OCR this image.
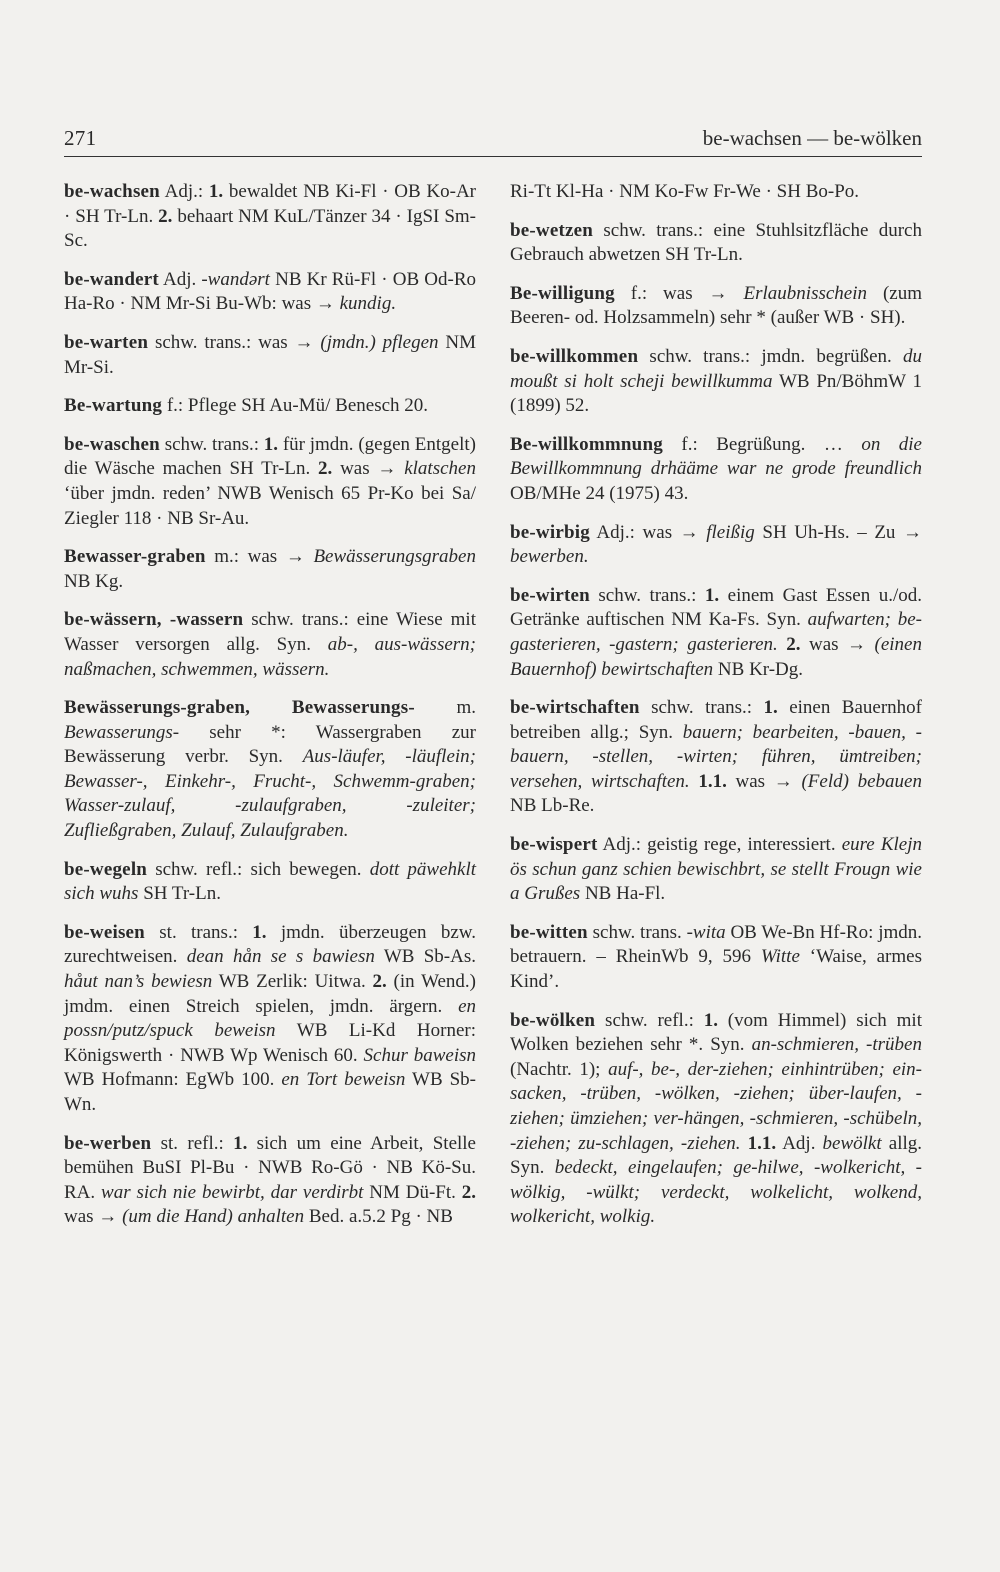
271	be-wachsen — be-wölken

be-wachsen Adj.: 1. bewaldet NB Ki-Fl · OB Ko-Ar · SH Tr-Ln. 2. behaart NM KuL/Tänzer 34 · IgSI Sm-Sc.

be-wandert Adj. -wandərt NB Kr Rü-Fl · OB Od-Ro Ha-Ro · NM Mr-Si Bu-Wb: was → kundig.

be-warten schw. trans.: was → (jmdn.) pflegen NM Mr-Si.

Be-wartung f.: Pflege SH Au-Mü/ Benesch 20.

be-waschen schw. trans.: 1. für jmdn. (gegen Entgelt) die Wäsche machen SH Tr-Ln. 2. was → klatschen ‘über jmdn. reden’ NWB Wenisch 65 Pr-Ko bei Sa/ Ziegler 118 · NB Sr-Au.

Bewasser-graben m.: was → Bewässerungsgraben NB Kg.

be-wässern, -wassern schw. trans.: eine Wiese mit Wasser versorgen allg. Syn. ab-, aus-wässern; naßmachen, schwemmen, wässern.

Bewässerungs-graben, Bewasserungs- m. Bewasserungs- sehr *: Wassergraben zur Bewässerung verbr. Syn. Aus-läufer, -läuflein; Bewasser-, Einkehr-, Frucht-, Schwemm-graben; Wasser-zulauf, -zulaufgraben, -zuleiter; Zufließgraben, Zulauf, Zulaufgraben.

be-wegeln schw. refl.: sich bewegen. dott päwehklt sich wuhs SH Tr-Ln.

be-weisen st. trans.: 1. jmdn. überzeugen bzw. zurechtweisen. dean hån se s bawiesn WB Sb-As. håut nan’s bewiesn WB Zerlik: Uitwa. 2. (in Wend.) jmdm. einen Streich spielen, jmdn. ärgern. en possn/putz/spuck beweisn WB Li-Kd Horner: Königswerth · NWB Wp Wenisch 60. Schur baweisn WB Hofmann: EgWb 100. en Tort beweisn WB Sb-Wn.

be-werben st. refl.: 1. sich um eine Arbeit, Stelle bemühen BuSI Pl-Bu · NWB Ro-Gö · NB Kö-Su. RA. war sich nie bewirbt, dar verdirbt NM Dü-Ft. 2. was → (um die Hand) anhalten Bed. a.5.2 Pg · NB

Ri-Tt Kl-Ha · NM Ko-Fw Fr-We · SH Bo-Po.

be-wetzen schw. trans.: eine Stuhlsitzfläche durch Gebrauch abwetzen SH Tr-Ln.

Be-willigung f.: was → Erlaubnisschein (zum Beeren- od. Holzsammeln) sehr * (außer WB · SH).

be-willkommen schw. trans.: jmdn. begrüßen. du moußt si holt scheji bewillkumma WB Pn/BöhmW 1 (1899) 52.

Be-willkommnung f.: Begrüßung. … on die Bewillkommnung drhääme war ne grode freundlich OB/MHe 24 (1975) 43.

be-wirbig Adj.: was → fleißig SH Uh-Hs. – Zu → bewerben.

be-wirten schw. trans.: 1. einem Gast Essen u./od. Getränke auftischen NM Ka-Fs. Syn. aufwarten; be-gasterieren, -gastern; gasterieren. 2. was → (einen Bauernhof) bewirtschaften NB Kr-Dg.

be-wirtschaften schw. trans.: 1. einen Bauernhof betreiben allg.; Syn. bauern; bearbeiten, -bauen, -bauern, -stellen, -wirten; führen, ümtreiben; versehen, wirtschaften. 1.1. was → (Feld) bebauen NB Lb-Re.

be-wispert Adj.: geistig rege, interessiert. eure Klejn ös schun ganz schien bewischbrt, se stellt Frougn wie a Grußes NB Ha-Fl.

be-witten schw. trans. -wita OB We-Bn Hf-Ro: jmdn. betrauern. – RheinWb 9, 596 Witte ‘Waise, armes Kind’.

be-wölken schw. refl.: 1. (vom Himmel) sich mit Wolken beziehen sehr *. Syn. an-schmieren, -trüben (Nachtr. 1); auf-, be-, der-ziehen; einhintrüben; ein-sacken, -trüben, -wölken, -ziehen; über-laufen, -ziehen; ümziehen; ver-hängen, -schmieren, -schübeln, -ziehen; zu-schlagen, -ziehen. 1.1. Adj. bewölkt allg. Syn. bedeckt, eingelaufen; ge-hilwe, -wolkericht, -wölkig, -wülkt; verdeckt, wolkelicht, wolkend, wolkericht, wolkig.
